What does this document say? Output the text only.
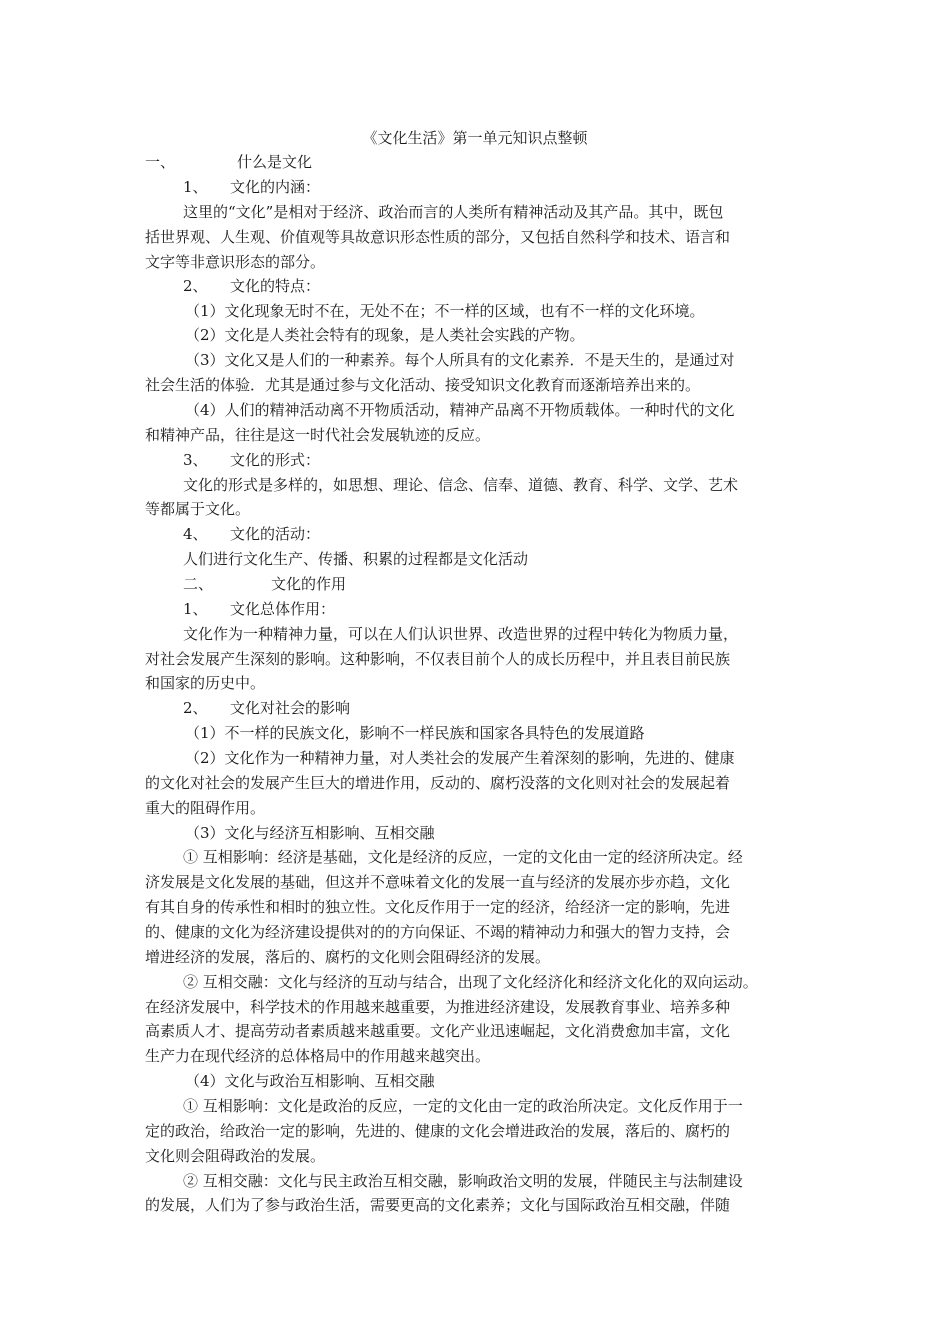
《文化生活》第一单元知识点整顿
一、	什么是文化
1、 文化的内涵：
这里的“文化”是相对于经济、政治而言的人类所有精神活动及其产品。其中，既包
括世界观、人生观、价值观等具故意识形态性质的部分，又包括自然科学和技术、语言和
文字等非意识形态的部分。
2、 文化的特点：
（1）文化现象无时不在，无处不在；不一样的区域，也有不一样的文化环境。
（2）文化是人类社会特有的现象，是人类社会实践的产物。
（3）文化又是人们的一种素养。每个人所具有的文化素养．不是天生的，是通过对
社会生活的体验．尤其是通过参与文化活动、接受知识文化教育而逐渐培养出来的。
（4）人们的精神活动离不开物质活动，精神产品离不开物质载体。一种时代的文化
和精神产品，往往是这一时代社会发展轨迹的反应。
3、 文化的形式：
文化的形式是多样的，如思想、理论、信念、信奉、道德、教育、科学、文学、艺术
等都属于文化。
4、 文化的活动：
人们进行文化生产、传播、积累的过程都是文化活动
二、	文化的作用
1、 文化总体作用：
文化作为一种精神力量，可以在人们认识世界、改造世界的过程中转化为物质力量，
对社会发展产生深刻的影响。这种影响，不仅表目前个人的成长历程中，并且表目前民族
和国家的历史中。
2、 文化对社会的影响
（1）不一样的民族文化，影响不一样民族和国家各具特色的发展道路
（2）文化作为一种精神力量，对人类社会的发展产生着深刻的影响，先进的、健康
的文化对社会的发展产生巨大的增进作用，反动的、腐朽没落的文化则对社会的发展起着
重大的阻碍作用。
（3）文化与经济互相影响、互相交融
① 互相影响：经济是基础，文化是经济的反应，一定的文化由一定的经济所决定。经
济发展是文化发展的基础，但这并不意味着文化的发展一直与经济的发展亦步亦趋，文化
有其自身的传承性和相时的独立性。文化反作用于一定的经济，给经济一定的影响，先进
的、健康的文化为经济建设提供对的的方向保证、不竭的精神动力和强大的智力支持，会
增进经济的发展，落后的、腐朽的文化则会阻碍经济的发展。
② 互相交融：文化与经济的互动与结合，出现了文化经济化和经济文化化的双向运动。
在经济发展中，科学技术的作用越来越重要，为推进经济建设，发展教育事业、培养多种
高素质人才、提高劳动者素质越来越重要。文化产业迅速崛起，文化消费愈加丰富，文化
生产力在现代经济的总体格局中的作用越来越突出。
（4）文化与政治互相影响、互相交融
① 互相影响：文化是政治的反应，一定的文化由一定的政治所决定。文化反作用于一
定的政治，给政治一定的影响，先进的、健康的文化会增进政治的发展，落后的、腐朽的
文化则会阻碍政治的发展。
② 互相交融：文化与民主政治互相交融，影响政治文明的发展，伴随民主与法制建设
的发展，人们为了参与政治生活，需要更高的文化素养；文化与国际政治互相交融，伴随
